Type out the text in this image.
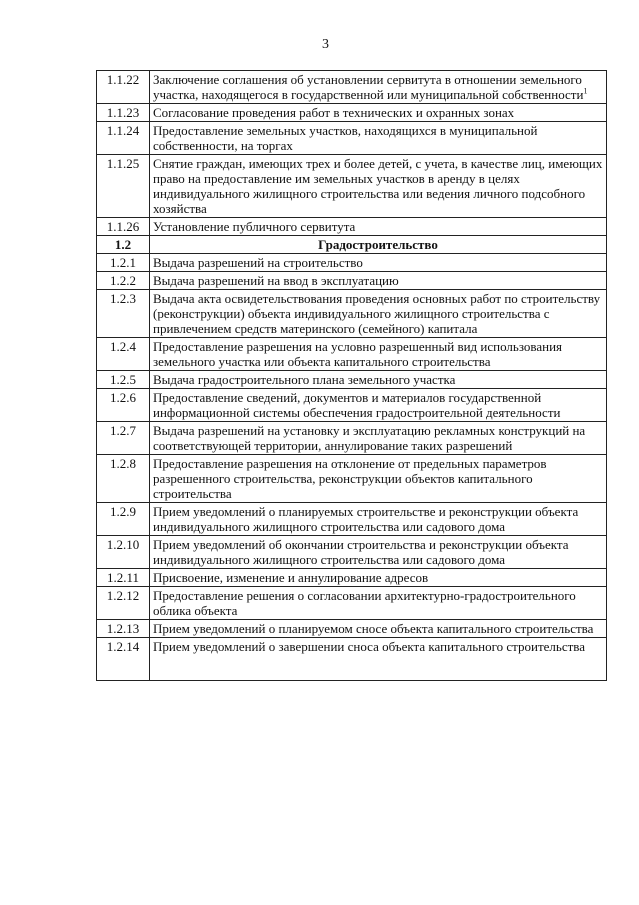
3
1.1.22	Заключение соглашения об установлении сервитута в отношении земельного участка, находящегося в государственной или муниципальной собственности$^1$
1.1.23	Согласование проведения работ в технических и охранных зонах
1.1.24	Предоставление земельных участков, находящихся в муниципальной собственности, на торгах
1.1.25	Снятие граждан, имеющих трех и более детей, с учета, в качестве лиц, имеющих право на предоставление им земельных участков в аренду в целях индивидуального жилищного строительства или ведения личного подсобного хозяйства
1.1.26	Установление публичного сервитута
1.2	Градостроительство
1.2.1	Выдача разрешений на строительство
1.2.2	Выдача разрешений на ввод в эксплуатацию
1.2.3	Выдача акта освидетельствования проведения основных работ по строительству (реконструкции) объекта индивидуального жилищного строительства с привлечением средств материнского (семейного) капитала
1.2.4	Предоставление разрешения на условно разрешенный вид использования земельного участка или объекта капитального строительства
1.2.5	Выдача градостроительного плана земельного участка
1.2.6	Предоставление сведений, документов и материалов государственной информационной системы обеспечения градостроительной деятельности
1.2.7	Выдача разрешений на установку и эксплуатацию рекламных конструкций на соответствующей территории, аннулирование таких разрешений
1.2.8	Предоставление разрешения на отклонение от предельных параметров разрешенного строительства, реконструкции объектов капитального строительства
1.2.9	Прием уведомлений о планируемых строительстве и реконструкции объекта индивидуального жилищного строительства или садового дома
1.2.10	Прием уведомлений об окончании строительства и реконструкции объекта индивидуального жилищного строительства или садового дома
1.2.11	Присвоение, изменение и аннулирование адресов
1.2.12	Предоставление решения о согласовании архитектурно-градостроительного облика объекта
1.2.13	Прием уведомлений о планируемом сносе объекта капитального строительства
1.2.14	Прием уведомлений о завершении сноса объекта капитального строительства
